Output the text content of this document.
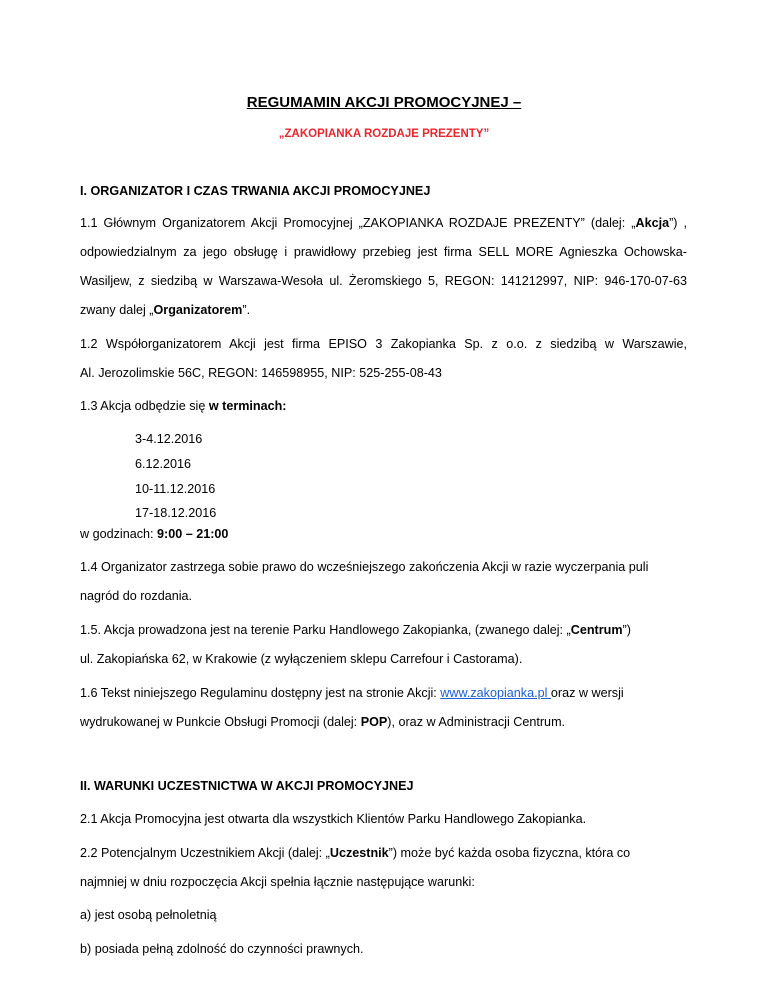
REGUMAMIN AKCJI PROMOCYJNEJ –
„ZAKOPIANKA ROZDAJE PREZENTY”
I. ORGANIZATOR I CZAS TRWANIA AKCJI PROMOCYJNEJ
1.1 Głównym Organizatorem Akcji Promocyjnej „ZAKOPIANKA ROZDAJE PREZENTY” (dalej: „Akcja”) ,
odpowiedzialnym za jego obsługę i prawidłowy przebieg jest firma SELL MORE Agnieszka Ochowska-
Wasiljew, z siedzibą w Warszawa-Wesoła ul. Żeromskiego 5, REGON: 141212997, NIP: 946-170-07-63
zwany dalej „Organizatorem”.
1.2 Współorganizatorem Akcji jest firma EPISO 3 Zakopianka Sp. z o.o. z siedzibą w Warszawie,
Al. Jerozolimskie 56C, REGON: 146598955, NIP: 525-255-08-43
1.3 Akcja odbędzie się w terminach:
3-4.12.2016
6.12.2016
10-11.12.2016
17-18.12.2016
w godzinach: 9:00 – 21:00
1.4 Organizator zastrzega sobie prawo do wcześniejszego zakończenia Akcji w razie wyczerpania puli
nagród do rozdania.
1.5. Akcja prowadzona jest na terenie Parku Handlowego Zakopianka, (zwanego dalej: „Centrum”)
ul. Zakopiańska 62, w Krakowie (z wyłączeniem sklepu Carrefour i Castorama).
1.6 Tekst niniejszego Regulaminu dostępny jest na stronie Akcji: www.zakopianka.pl oraz w wersji
wydrukowanej w Punkcie Obsługi Promocji (dalej: POP), oraz w Administracji Centrum.
II. WARUNKI UCZESTNICTWA W AKCJI PROMOCYJNEJ
2.1 Akcja Promocyjna jest otwarta dla wszystkich Klientów Parku Handlowego Zakopianka.
2.2 Potencjalnym Uczestnikiem Akcji (dalej: „Uczestnik”) może być każda osoba fizyczna, która co
najmniej w dniu rozpoczęcia Akcji spełnia łącznie następujące warunki:
a) jest osobą pełnoletnią
b) posiada pełną zdolność do czynności prawnych.
